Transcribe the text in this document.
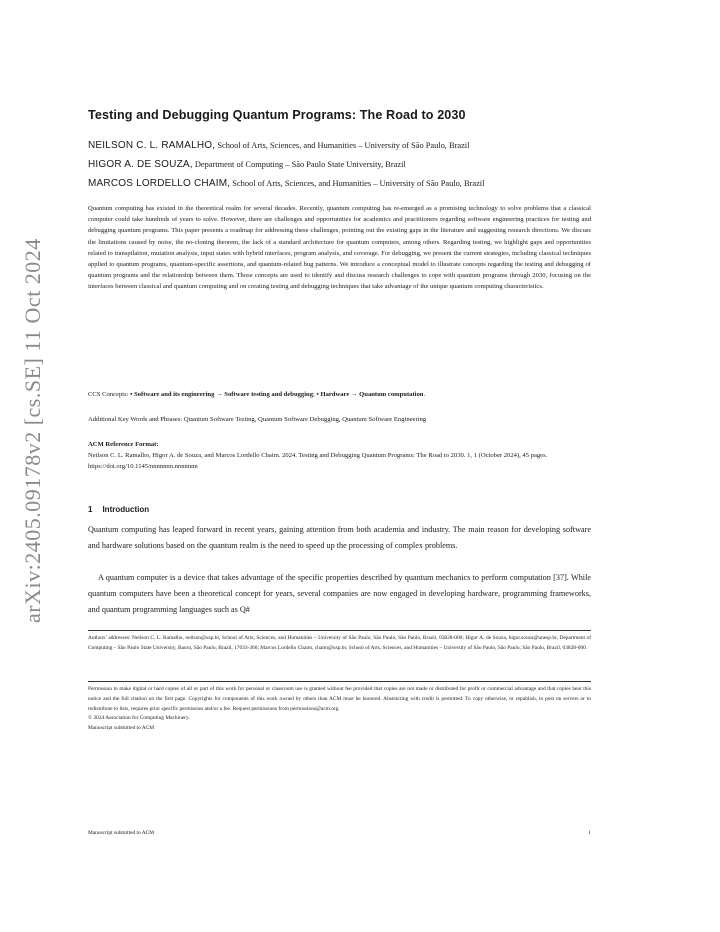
arXiv:2405.09178v2 [cs.SE] 11 Oct 2024
Testing and Debugging Quantum Programs: The Road to 2030
NEILSON C. L. RAMALHO, School of Arts, Sciences, and Humanities – University of São Paulo, Brazil
HIGOR A. DE SOUZA, Department of Computing – São Paulo State University, Brazil
MARCOS LORDELLO CHAIM, School of Arts, Sciences, and Humanities – University of São Paulo, Brazil

Quantum computing has existed in the theoretical realm for several decades. Recently, quantum computing has re-emerged as a promising technology to solve problems that a classical computer could take hundreds of years to solve. However, there are challenges and opportunities for academics and practitioners regarding software engineering practices for testing and debugging quantum programs. This paper presents a roadmap for addressing these challenges, pointing out the existing gaps in the literature and suggesting research directions. We discuss the limitations caused by noise, the no-cloning theorem, the lack of a standard architecture for quantum computers, among others. Regarding testing, we highlight gaps and opportunities related to transpilation, mutation analysis, input states with hybrid interfaces, program analysis, and coverage. For debugging, we present the current strategies, including classical techniques applied to quantum programs, quantum-specific assertions, and quantum-related bug patterns. We introduce a conceptual model to illustrate concepts regarding the testing and debugging of quantum programs and the relationship between them. Those concepts are used to identify and discuss research challenges to cope with quantum programs through 2030, focusing on the interfaces between classical and quantum computing and on creating testing and debugging techniques that take advantage of the unique quantum computing characteristics.

CCS Concepts: • Software and its engineering → Software testing and debugging; • Hardware → Quantum computation.

Additional Key Words and Phrases: Quantum Software Testing, Quantum Software Debugging, Quantum Software Engineering

ACM Reference Format:
Neilson C. L. Ramalho, Higor A. de Souza, and Marcos Lordello Chaim. 2024. Testing and Debugging Quantum Programs: The Road to 2030. 1, 1 (October 2024), 45 pages. https://doi.org/10.1145/nnnnnnn.nnnnnnn

1 Introduction

Quantum computing has leaped forward in recent years, gaining attention from both academia and industry. The main reason for developing software and hardware solutions based on the quantum realm is the need to speed up the processing of complex problems.

A quantum computer is a device that takes advantage of the specific properties described by quantum mechanics to perform computation [37]. While quantum computers have been a theoretical concept for years, several companies are now engaged in developing hardware, programming frameworks, and quantum programming languages such as Q#

Authors’ addresses: Neilson C. L. Ramalho, neilson@usp.br, School of Arts, Sciences, and Humanities – University of São Paulo, São Paulo, São Paulo, Brazil, 03828-000; Higor A. de Souza, higor.souza@unesp.br, Department of Computing – São Paulo State University, Bauru, São Paulo, Brazil, 17033-360; Marcos Lordello Chaim, chaim@usp.br, School of Arts, Sciences, and Humanities – University of São Paulo, São Paulo, São Paulo, Brazil, 03828-000.

Permission to make digital or hard copies of all or part of this work for personal or classroom use is granted without fee provided that copies are not made or distributed for profit or commercial advantage and that copies bear this notice and the full citation on the first page. Copyrights for components of this work owned by others than ACM must be honored. Abstracting with credit is permitted. To copy otherwise, or republish, to post on servers or to redistribute to lists, requires prior specific permission and/or a fee. Request permissions from permissions@acm.org.
© 2024 Association for Computing Machinery.
Manuscript submitted to ACM

Manuscript submitted to ACM	1
